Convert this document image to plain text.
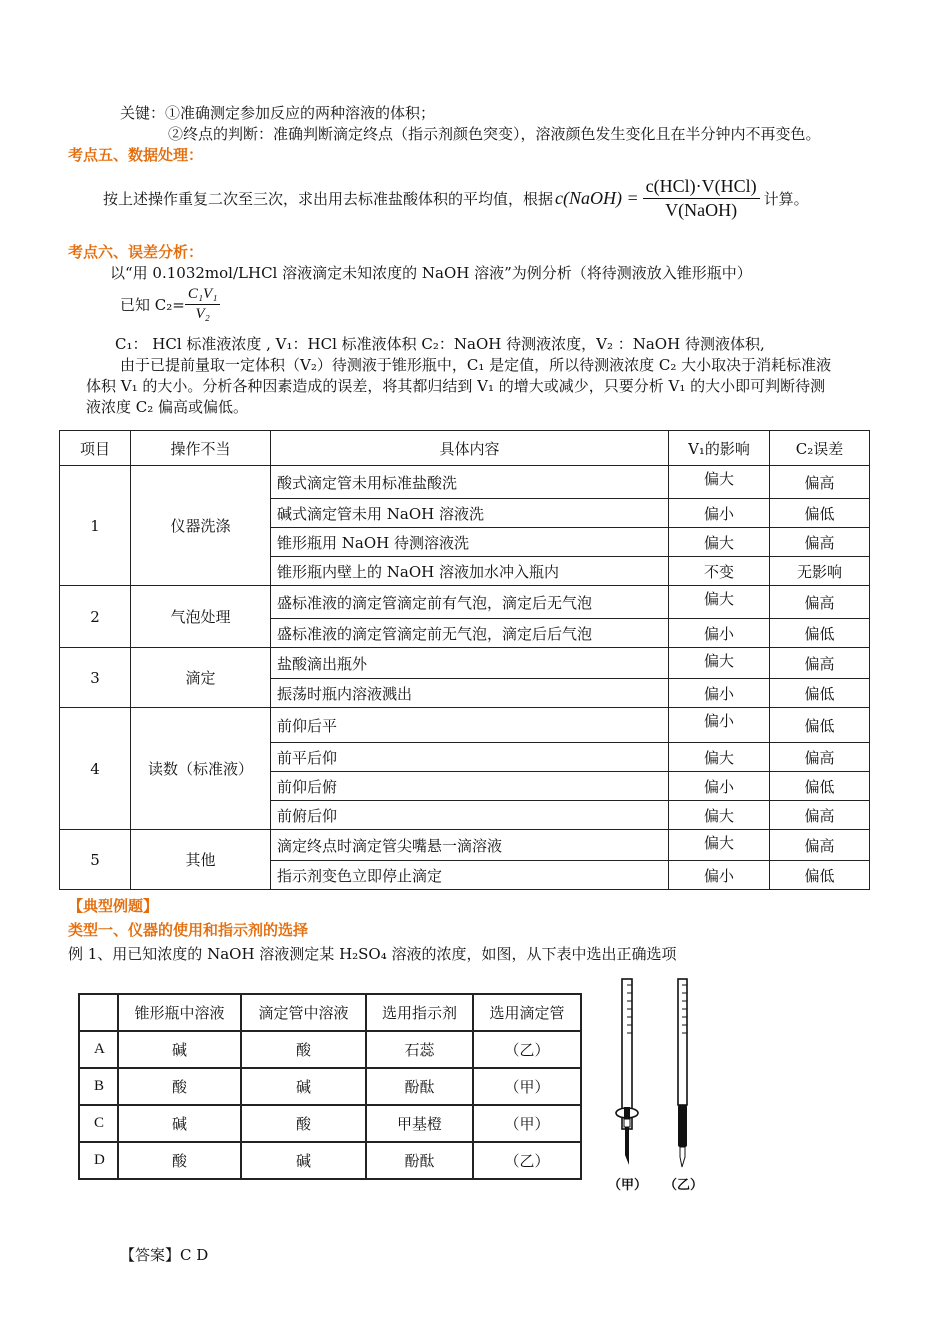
关键：①准确测定参加反应的两种溶液的体积；
②终点的判断：准确判断滴定终点（指示剂颜色突变），溶液颜色发生变化且在半分钟内不再变色。
考点五、数据处理：
按上述操作重复二次至三次，求出用去标准盐酸体积的平均值，根据 c(NaOH) = $\frac{\text{c(HCl)·V(HCl)}}{\text{V(NaOH)}}$ 计算。
考点六、误差分析：
以“用 0.1032mol/LHCl 溶液滴定未知浓度的 NaOH 溶液”为例分析（将待测液放入锥形瓶中）
已知 $C_2= \frac{\text{C₁V₁}}{\text{V₂}}$
C₁： HCl 标准液浓度 , V₁：HCl 标准液体积 C₂：NaOH 待测液浓度，V₂ ：NaOH 待测液体积,
由于已提前量取一定体积（V₂）待测液于锥形瓶中，C₁ 是定值，所以待测液浓度 C₂ 大小取决于消耗标准液
体积 V₁ 的大小。分析各种因素造成的误差，将其都归结到 V₁ 的增大或减少，只要分析 V₁ 的大小即可判断待测
液浓度 C₂ 偏高或偏低。
项目	操作不当	具体内容	V₁的影响	C₂误差
1	仪器洗涤	酸式滴定管未用标准盐酸洗	偏大	偏高
		碱式滴定管未用 NaOH 溶液洗	偏小	偏低
		锥形瓶用 NaOH 待测溶液洗	偏大	偏高
		锥形瓶内壁上的 NaOH 溶液加水冲入瓶内	不变	无影响
2	气泡处理	盛标准液的滴定管滴定前有气泡，滴定后无气泡	偏大	偏高
		盛标准液的滴定管滴定前无气泡，滴定后后气泡	偏小	偏低
3	滴定	盐酸滴出瓶外	偏大	偏高
		振荡时瓶内溶液溅出	偏小	偏低
4	读数（标准液）	前仰后平	偏小	偏低
		前平后仰	偏大	偏高
		前仰后俯	偏小	偏低
		前俯后仰	偏大	偏高
5	其他	滴定终点时滴定管尖嘴悬一滴溶液	偏大	偏高
		指示剂变色立即停止滴定	偏小	偏低
【典型例题】
类型一、仪器的使用和指示剂的选择
例 1、用已知浓度的 NaOH 溶液测定某 H₂SO₄ 溶液的浓度，如图，从下表中选出正确选项
	锥形瓶中溶液	滴定管中溶液	选用指示剂	选用滴定管
A	碱	酸	石蕊	（乙）
B	酸	碱	酚酞	（甲）
C	碱	酸	甲基橙	（甲）
D	酸	碱	酚酞	（乙）
（甲） （乙）
【答案】C D
